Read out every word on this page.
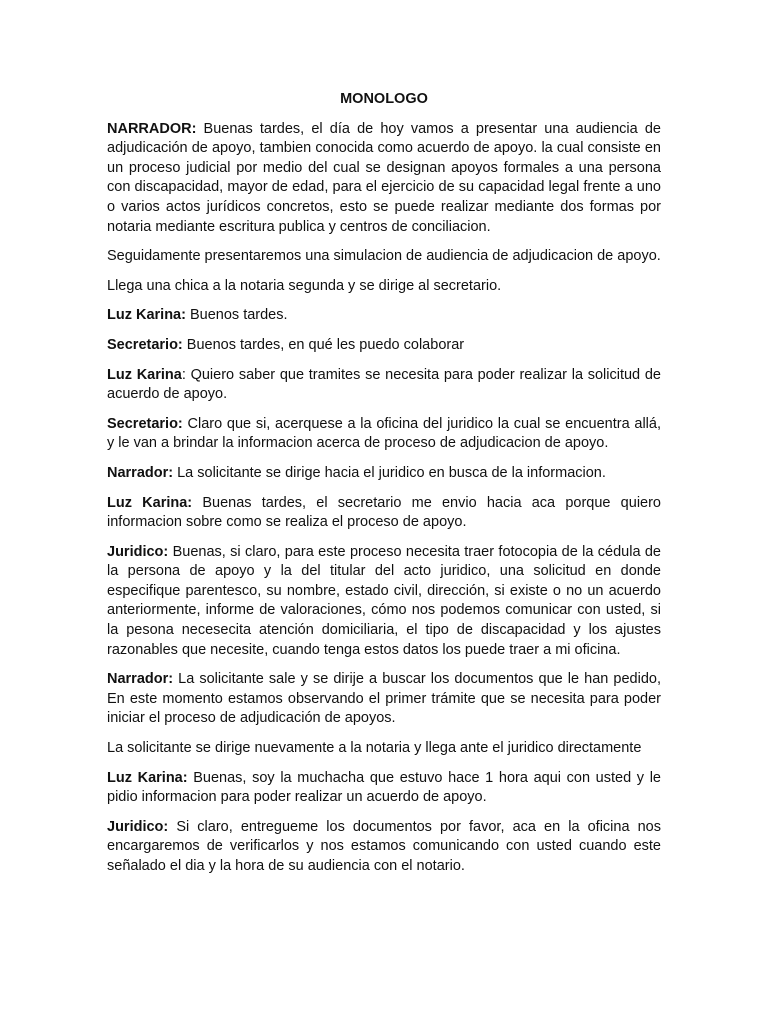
MONOLOGO

NARRADOR: Buenas tardes, el día de hoy vamos a presentar una audiencia de adjudicación de apoyo, tambien conocida como acuerdo de apoyo. la cual consiste en un proceso judicial por medio del cual se designan apoyos formales a una persona con discapacidad, mayor de edad, para el ejercicio de su capacidad legal frente a uno o varios actos jurídicos concretos, esto se puede realizar mediante dos formas por notaria mediante escritura publica y centros de conciliacion.

Seguidamente presentaremos una simulacion de audiencia de adjudicacion de apoyo.

Llega una chica a la notaria segunda y se dirige al secretario.

Luz Karina: Buenos tardes.

Secretario: Buenos tardes, en qué les puedo colaborar

Luz Karina: Quiero saber que tramites se necesita para poder realizar la solicitud de acuerdo de apoyo.

Secretario: Claro que si, acerquese a la oficina del juridico la cual se encuentra allá, y le van a brindar la informacion acerca de proceso de adjudicacion de apoyo.

Narrador: La solicitante se dirige hacia el juridico en busca de la informacion.

Luz Karina: Buenas tardes, el secretario me envio hacia aca porque quiero informacion sobre como se realiza el proceso de apoyo.

Juridico: Buenas, si claro, para este proceso necesita traer fotocopia de la cédula de la persona de apoyo y la del titular del acto juridico, una solicitud en donde especifique parentesco, su nombre, estado civil, dirección, si existe o no un acuerdo anteriormente, informe de valoraciones, cómo nos podemos comunicar con usted, si la pesona necesecita atención domiciliaria, el tipo de discapacidad y los ajustes razonables que necesite, cuando tenga estos datos los puede traer a mi oficina.

Narrador: La solicitante sale y se dirije a buscar los documentos que le han pedido, En este momento estamos observando el primer trámite que se necesita para poder iniciar el proceso de adjudicación de apoyos.

La solicitante se dirige nuevamente a la notaria y llega ante el juridico directamente

Luz Karina: Buenas, soy la muchacha que estuvo hace 1 hora aqui con usted y le pidio informacion para poder realizar un acuerdo de apoyo.

Juridico: Si claro, entreguеme los documentos por favor, aca en la oficina nos encargaremos de verificarlos y nos estamos comunicando con usted cuando este señalado el dia y la hora de su audiencia con el notario.
